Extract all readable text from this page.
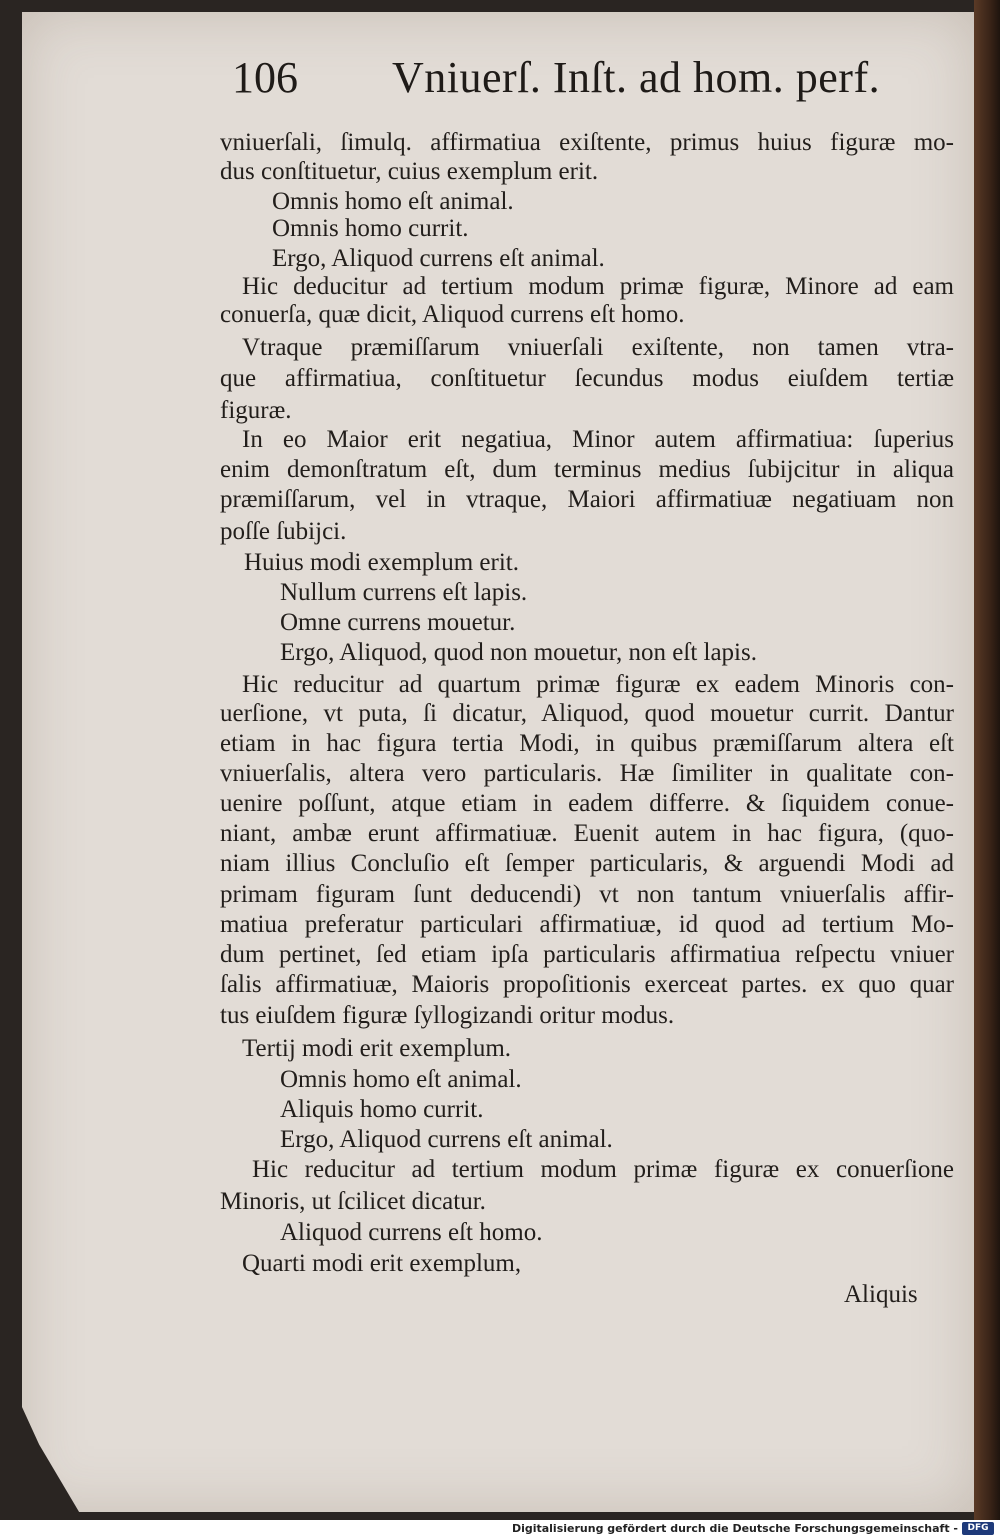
106 Vniuerſ. Inſt. ad hom. perf.
vniuerſali, ſimulq. affirmatiua exiſtente, primus huius figuræ mo-
dus conſtituetur, cuius exemplum erit.
Omnis homo eſt animal.
Omnis homo currit.
Ergo, Aliquod currens eſt animal.
Hic deducitur ad tertium modum primæ figuræ, Minore ad eam
conuerſa, quæ dicit, Aliquod currens eſt homo.
Vtraque præmiſſarum vniuerſali exiſtente, non tamen vtra-
que affirmatiua, conſtituetur ſecundus modus eiuſdem tertiæ
figuræ.
In eo Maior erit negatiua, Minor autem affirmatiua: ſuperius
enim demonſtratum eſt, dum terminus medius ſubijcitur in aliqua
præmiſſarum, vel in vtraque, Maiori affirmatiuæ negatiuam non
poſſe ſubijci.
Huius modi exemplum erit.
Nullum currens eſt lapis.
Omne currens mouetur.
Ergo, Aliquod, quod non mouetur, non eſt lapis.
Hic reducitur ad quartum primæ figuræ ex eadem Minoris con-
uerſione, vt puta, ſi dicatur, Aliquod, quod mouetur currit. Dantur
etiam in hac figura tertia Modi, in quibus præmiſſarum altera eſt
vniuerſalis, altera vero particularis. Hæ ſimiliter in qualitate con-
uenire poſſunt, atque etiam in eadem differre. & ſiquidem conue-
niant, ambæ erunt affirmatiuæ. Euenit autem in hac figura, (quo-
niam illius Concluſio eſt ſemper particularis, & arguendi Modi ad
primam figuram ſunt deducendi) vt non tantum vniuerſalis affir-
matiua preferatur particulari affirmatiuæ, id quod ad tertium Mo-
dum pertinet, ſed etiam ipſa particularis affirmatiua reſpectu vniuer
ſalis affirmatiuæ, Maioris propoſitionis exerceat partes. ex quo quar
tus eiuſdem figuræ ſyllogizandi oritur modus.
Tertij modi erit exemplum.
Omnis homo eſt animal.
Aliquis homo currit.
Ergo, Aliquod currens eſt animal.
Hic reducitur ad tertium modum primæ figuræ ex conuerſione
Minoris, ut ſcilicet dicatur.
Aliquod currens eſt homo.
Quarti modi erit exemplum,
Aliquis
Digitalisierung gefördert durch die Deutsche Forschungsgemeinschaft -	DFG
